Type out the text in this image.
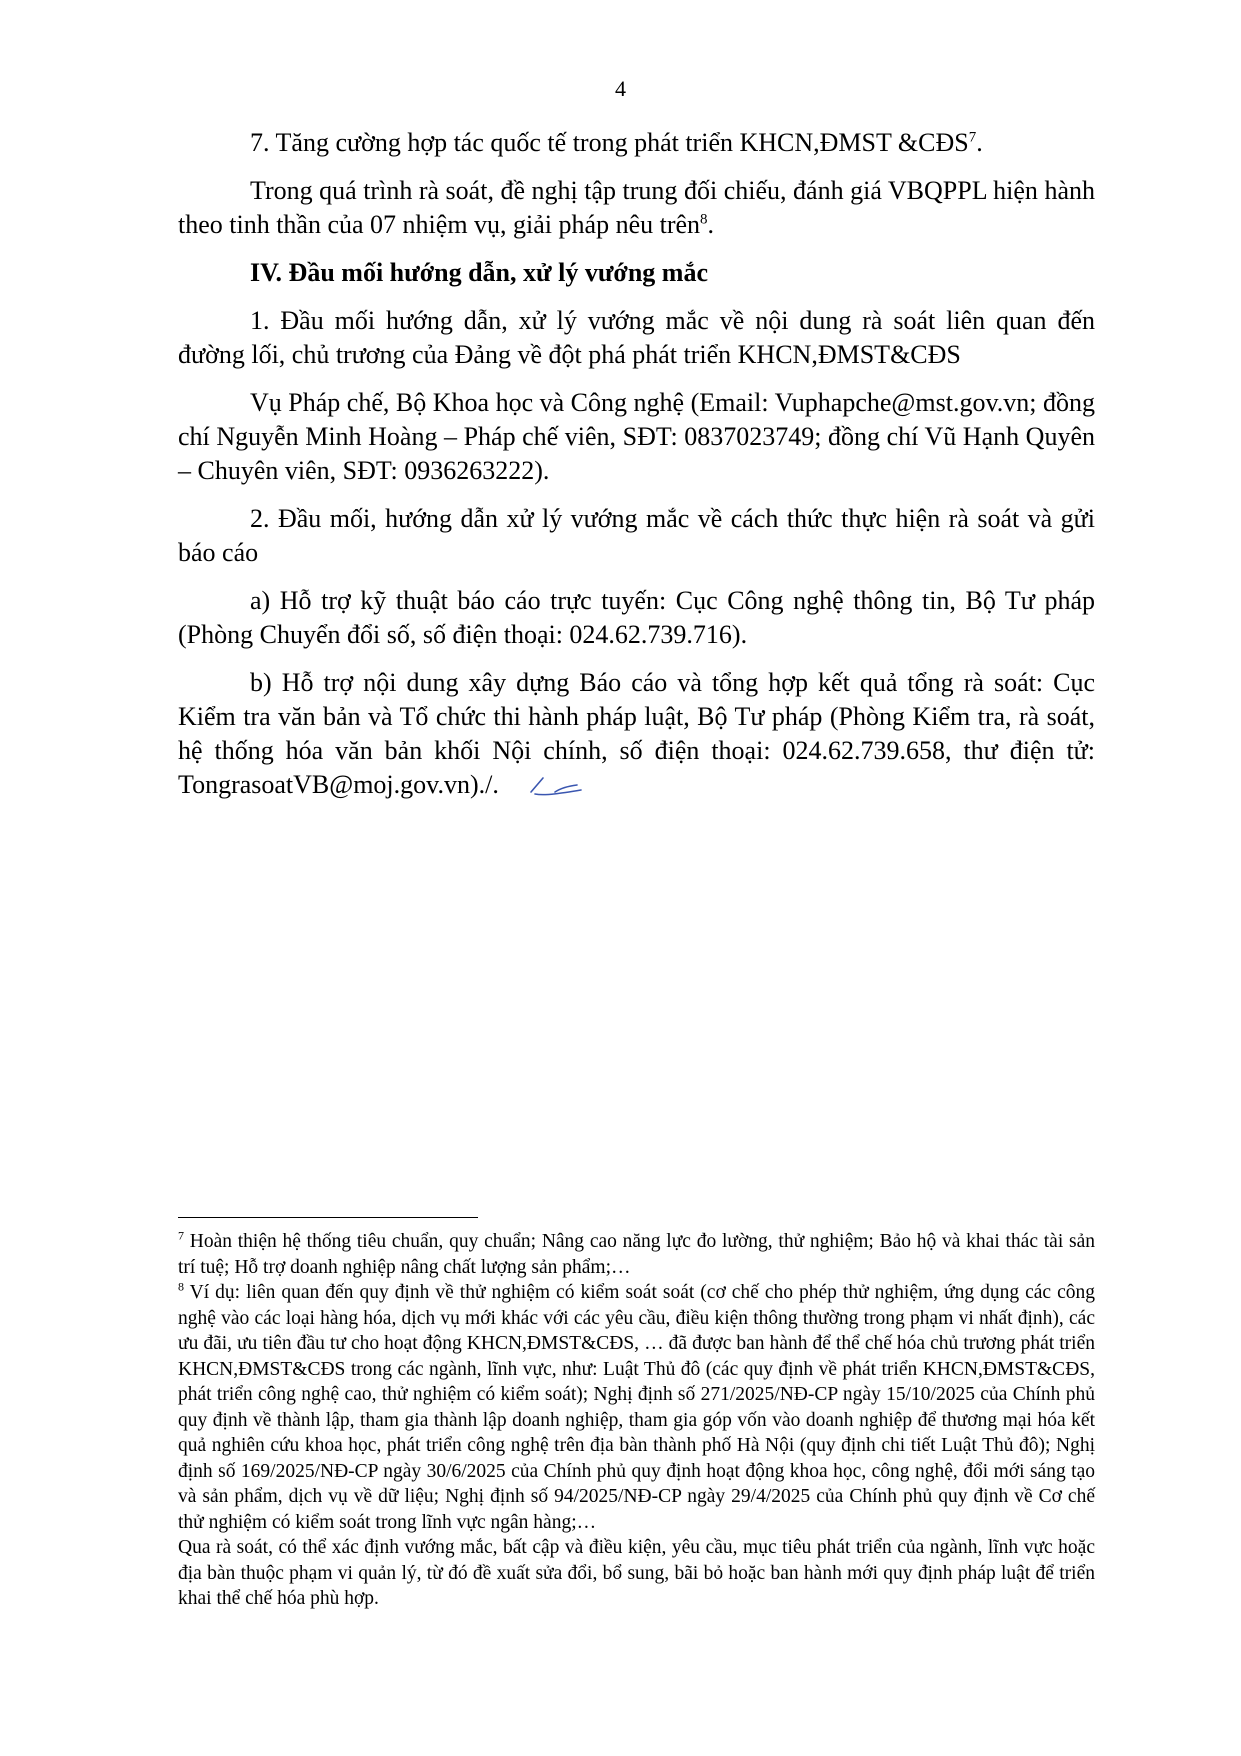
4

7. Tăng cường hợp tác quốc tế trong phát triển KHCN,ĐMST &CĐS$^7$.

Trong quá trình rà soát, đề nghị tập trung đối chiếu, đánh giá VBQPPL hiện hành theo tinh thần của 07 nhiệm vụ, giải pháp nêu trên$^8$.

IV. Đầu mối hướng dẫn, xử lý vướng mắc

1. Đầu mối hướng dẫn, xử lý vướng mắc về nội dung rà soát liên quan đến đường lối, chủ trương của Đảng về đột phá phát triển KHCN,ĐMST&CĐS

Vụ Pháp chế, Bộ Khoa học và Công nghệ (Email: Vuphapche@mst.gov.vn; đồng chí Nguyễn Minh Hoàng – Pháp chế viên, SĐT: 0837023749; đồng chí Vũ Hạnh Quyên – Chuyên viên, SĐT: 0936263222).

2. Đầu mối, hướng dẫn xử lý vướng mắc về cách thức thực hiện rà soát và gửi báo cáo

a) Hỗ trợ kỹ thuật báo cáo trực tuyến: Cục Công nghệ thông tin, Bộ Tư pháp (Phòng Chuyển đổi số, số điện thoại: 024.62.739.716).

b) Hỗ trợ nội dung xây dựng Báo cáo và tổng hợp kết quả tổng rà soát: Cục Kiểm tra văn bản và Tổ chức thi hành pháp luật, Bộ Tư pháp (Phòng Kiểm tra, rà soát, hệ thống hóa văn bản khối Nội chính, số điện thoại: 024.62.739.658, thư điện tử: TongrasoatVB@moj.gov.vn)./.

$^7$ Hoàn thiện hệ thống tiêu chuẩn, quy chuẩn; Nâng cao năng lực đo lường, thử nghiệm; Bảo hộ và khai thác tài sản trí tuệ; Hỗ trợ doanh nghiệp nâng chất lượng sản phẩm;…

$^8$ Ví dụ: liên quan đến quy định về thử nghiệm có kiểm soát soát (cơ chế cho phép thử nghiệm, ứng dụng các công nghệ vào các loại hàng hóa, dịch vụ mới khác với các yêu cầu, điều kiện thông thường trong phạm vi nhất định), các ưu đãi, ưu tiên đầu tư cho hoạt động KHCN,ĐMST&CĐS, … đã được ban hành để thể chế hóa chủ trương phát triển KHCN,ĐMST&CĐS trong các ngành, lĩnh vực, như: Luật Thủ đô (các quy định về phát triển KHCN,ĐMST&CĐS, phát triển công nghệ cao, thử nghiệm có kiểm soát); Nghị định số 271/2025/NĐ-CP ngày 15/10/2025 của Chính phủ quy định về thành lập, tham gia thành lập doanh nghiệp, tham gia góp vốn vào doanh nghiệp để thương mại hóa kết quả nghiên cứu khoa học, phát triển công nghệ trên địa bàn thành phố Hà Nội (quy định chi tiết Luật Thủ đô); Nghị định số 169/2025/NĐ-CP ngày 30/6/2025 của Chính phủ quy định hoạt động khoa học, công nghệ, đổi mới sáng tạo và sản phẩm, dịch vụ về dữ liệu; Nghị định số 94/2025/NĐ-CP ngày 29/4/2025 của Chính phủ quy định về Cơ chế thử nghiệm có kiểm soát trong lĩnh vực ngân hàng;…

Qua rà soát, có thể xác định vướng mắc, bất cập và điều kiện, yêu cầu, mục tiêu phát triển của ngành, lĩnh vực hoặc địa bàn thuộc phạm vi quản lý, từ đó đề xuất sửa đổi, bổ sung, bãi bỏ hoặc ban hành mới quy định pháp luật để triển khai thể chế hóa phù hợp.
